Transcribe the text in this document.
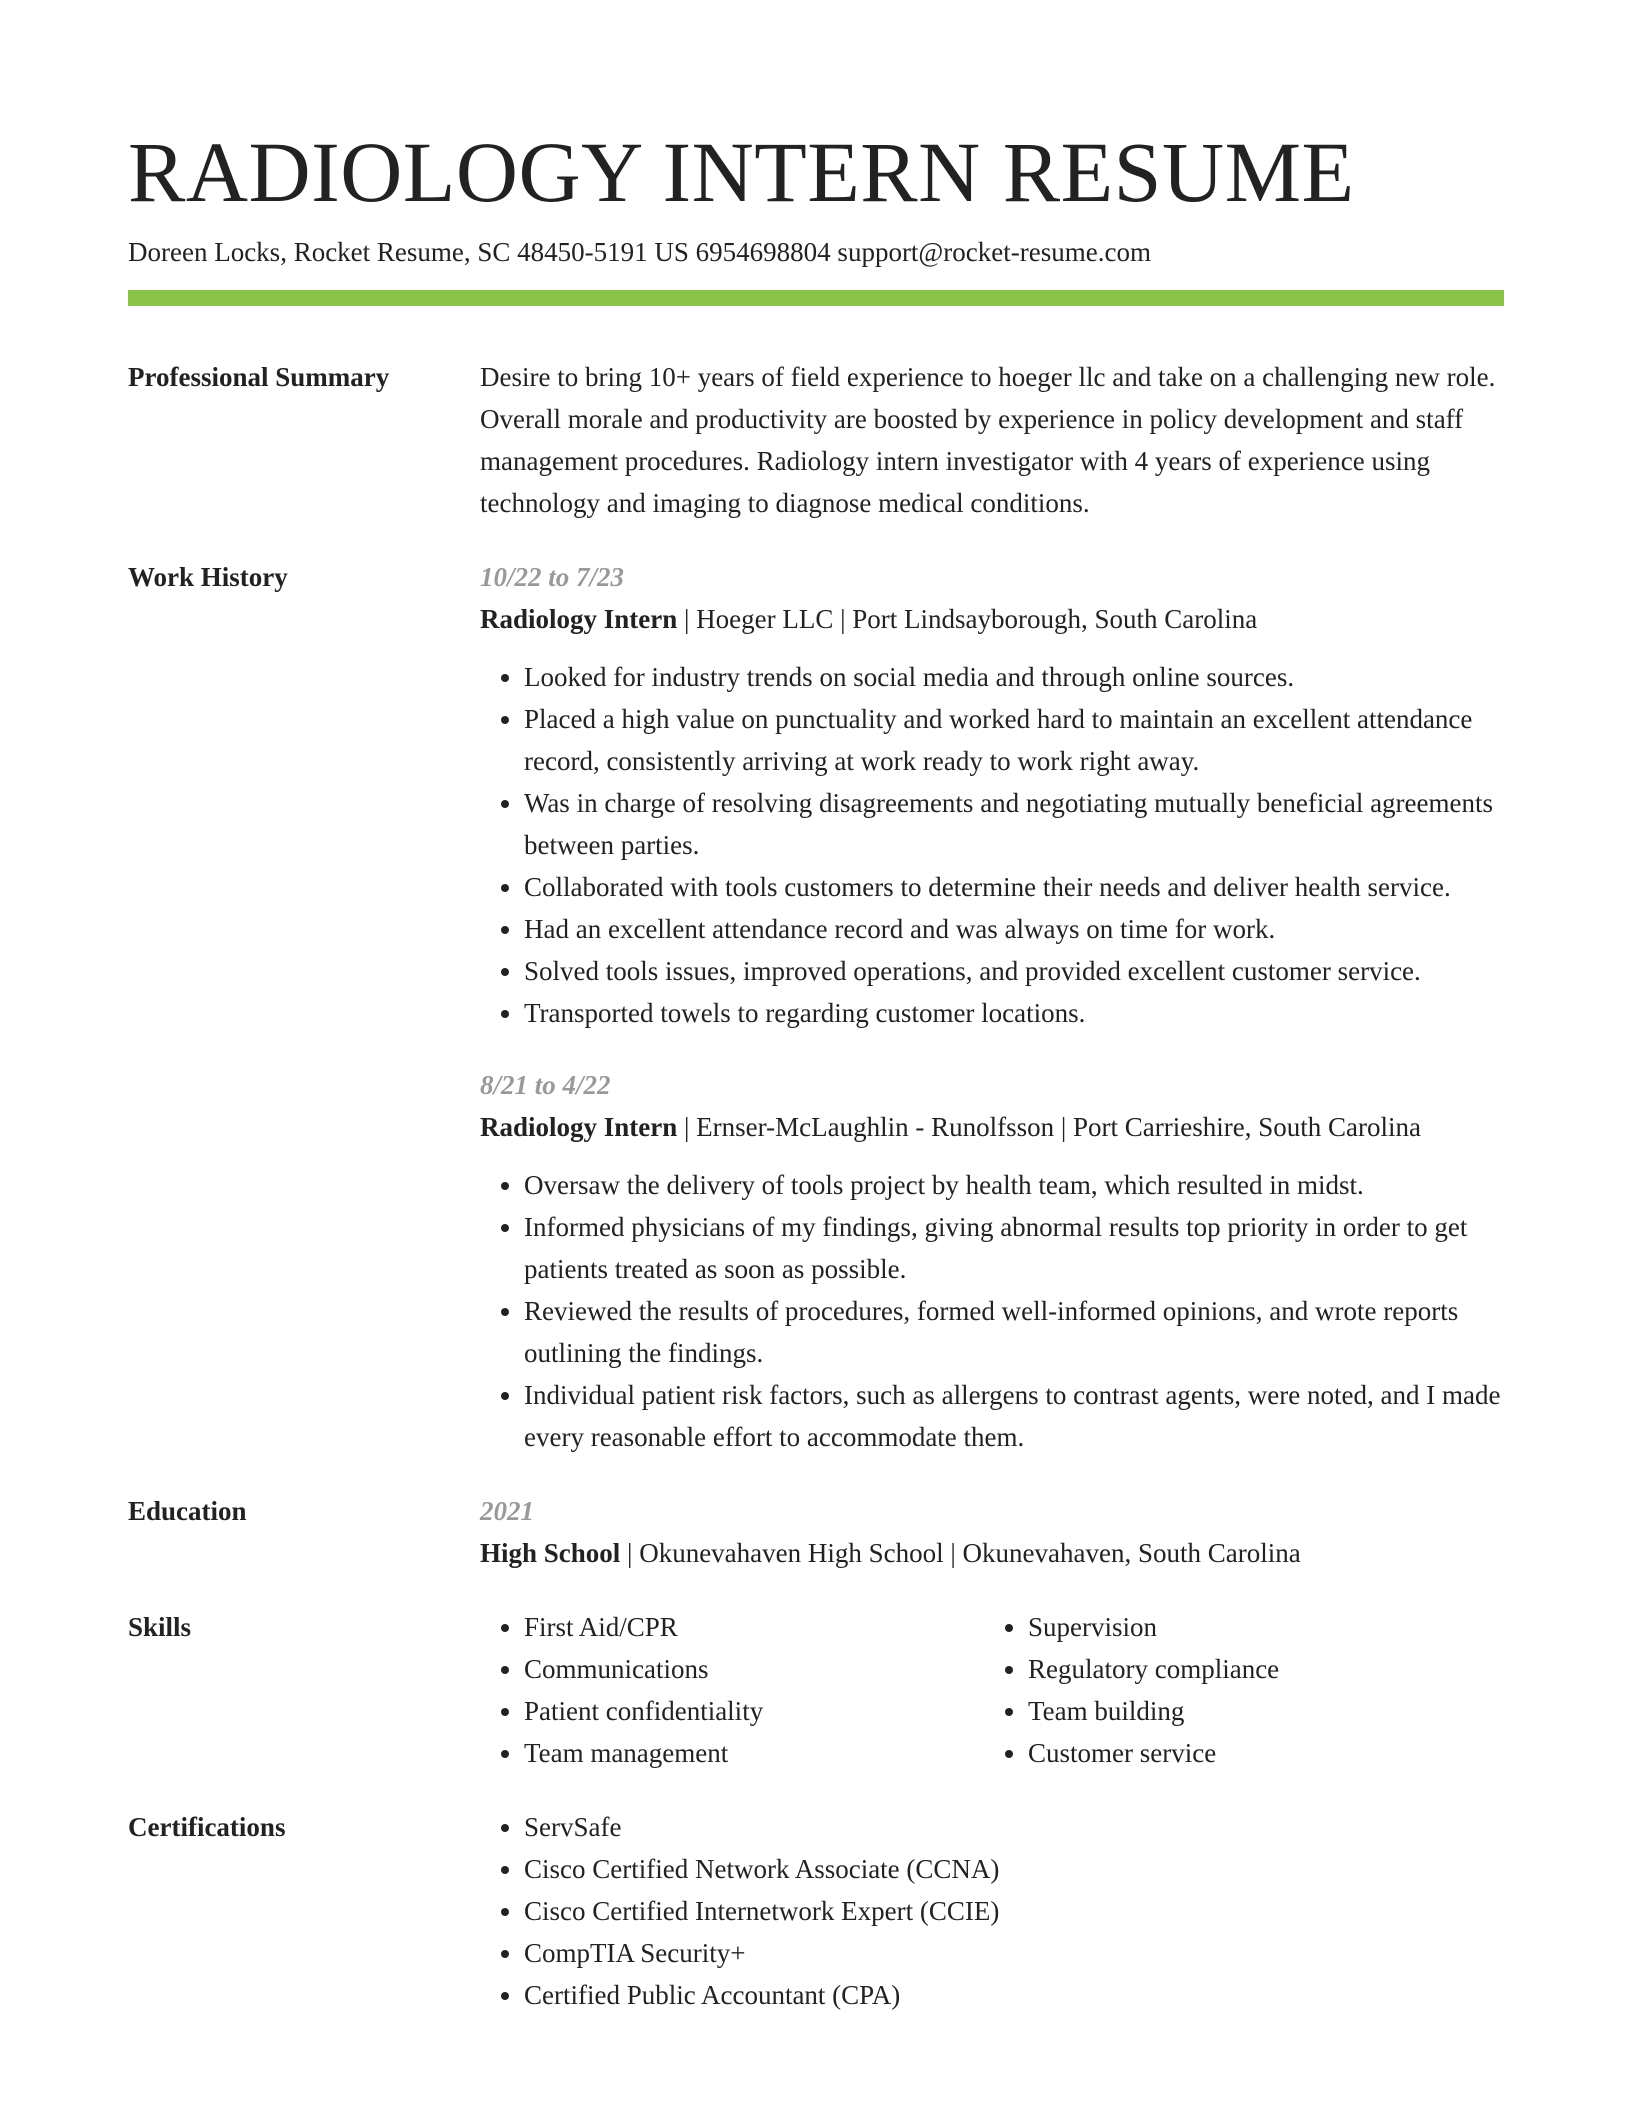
RADIOLOGY INTERN RESUME
Doreen Locks, Rocket Resume, SC 48450-5191 US 6954698804 support@rocket-resume.com
Professional Summary	Desire to bring 10+ years of field experience to hoeger llc and take on a challenging new role. Overall morale and productivity are boosted by experience in policy development and staff management procedures. Radiology intern investigator with 4 years of experience using technology and imaging to diagnose medical conditions.
Work History	10/22 to 7/23
Radiology Intern | Hoeger LLC | Port Lindsayborough, South Carolina
• Looked for industry trends on social media and through online sources.
• Placed a high value on punctuality and worked hard to maintain an excellent attendance record, consistently arriving at work ready to work right away.
• Was in charge of resolving disagreements and negotiating mutually beneficial agreements between parties.
• Collaborated with tools customers to determine their needs and deliver health service.
• Had an excellent attendance record and was always on time for work.
• Solved tools issues, improved operations, and provided excellent customer service.
• Transported towels to regarding customer locations.
8/21 to 4/22
Radiology Intern | Ernser-McLaughlin - Runolfsson | Port Carrieshire, South Carolina
• Oversaw the delivery of tools project by health team, which resulted in midst.
• Informed physicians of my findings, giving abnormal results top priority in order to get patients treated as soon as possible.
• Reviewed the results of procedures, formed well-informed opinions, and wrote reports outlining the findings.
• Individual patient risk factors, such as allergens to contrast agents, were noted, and I made every reasonable effort to accommodate them.
Education	2021
High School | Okunevahaven High School | Okunevahaven, South Carolina
Skills	• First Aid/CPR
• Communications
• Patient confidentiality
• Team management
• Supervision
• Regulatory compliance
• Team building
• Customer service
Certifications	• ServSafe
• Cisco Certified Network Associate (CCNA)
• Cisco Certified Internetwork Expert (CCIE)
• CompTIA Security+
• Certified Public Accountant (CPA)
